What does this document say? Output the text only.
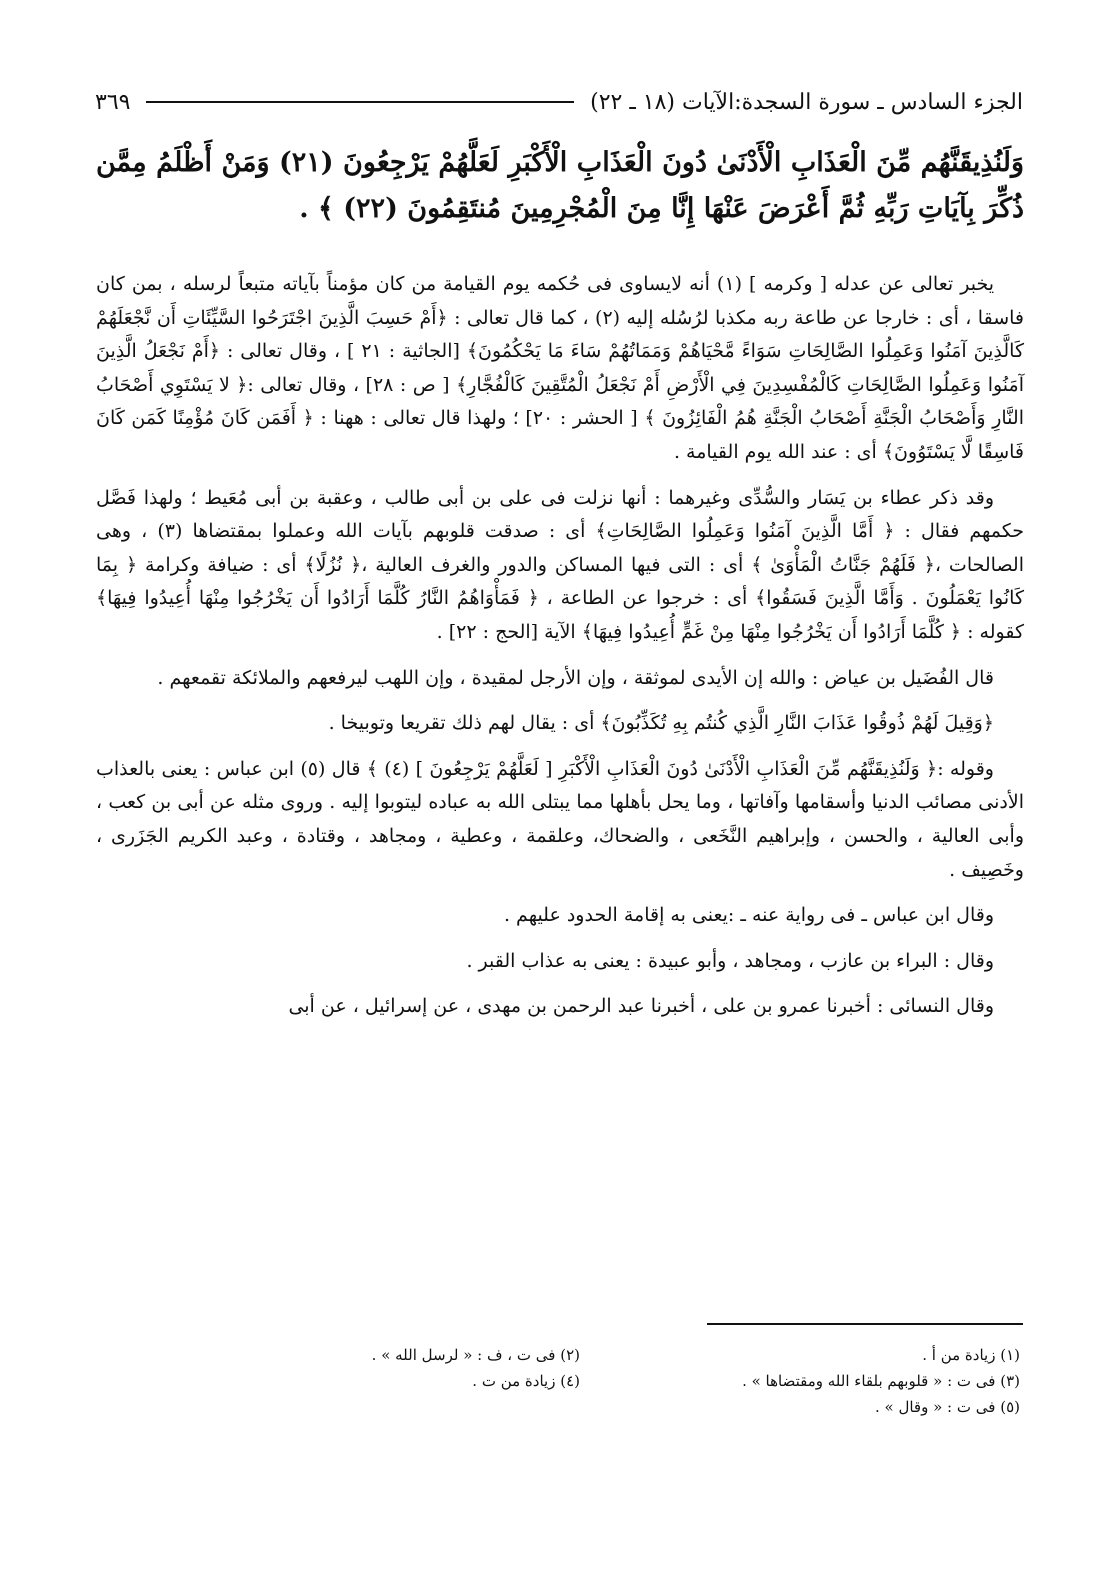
الجزء السادس ـ سورة السجدة:الآيات (١٨ ـ ٢٢)
٣٦٩
وَلَنُذِيقَنَّهُم مِّنَ الْعَذَابِ الْأَدْنَىٰ دُونَ الْعَذَابِ الْأَكْبَرِ لَعَلَّهُمْ يَرْجِعُونَ (٢١) وَمَنْ أَظْلَمُ مِمَّن ذُكِّرَ بِآيَاتِ رَبِّهِ ثُمَّ أَعْرَضَ عَنْهَا إِنَّا مِنَ الْمُجْرِمِينَ مُنتَقِمُونَ (٢٢) ﴾ .

يخبر تعالى عن عدله [ وكرمه ] (١) أنه لايساوى فى حُكمه يوم القيامة من كان مؤمناً بآياته متبعاً لرسله ، بمن كان فاسقا ، أى : خارجا عن طاعة ربه مكذبا لرُسُله إليه (٢) ، كما قال تعالى : ﴿أَمْ حَسِبَ الَّذِينَ اجْتَرَحُوا السَّيِّئَاتِ أَن نَّجْعَلَهُمْ كَالَّذِينَ آمَنُوا وَعَمِلُوا الصَّالِحَاتِ سَوَاءً مَّحْيَاهُمْ وَمَمَاتُهُمْ سَاءَ مَا يَحْكُمُونَ﴾ [الجاثية : ٢١ ] ، وقال تعالى : ﴿أَمْ نَجْعَلُ الَّذِينَ آمَنُوا وَعَمِلُوا الصَّالِحَاتِ كَالْمُفْسِدِينَ فِي الْأَرْضِ أَمْ نَجْعَلُ الْمُتَّقِينَ كَالْفُجَّارِ﴾ [ ص : ٢٨] ، وقال تعالى :﴿ لا يَسْتَوِي أَصْحَابُ النَّارِ وَأَصْحَابُ الْجَنَّةِ أَصْحَابُ الْجَنَّةِ هُمُ الْفَائِزُونَ ﴾ [ الحشر : ٢٠] ؛ ولهذا قال تعالى : ههنا : ﴿ أَفَمَن كَانَ مُؤْمِنًا كَمَن كَانَ فَاسِقًا لَّا يَسْتَوُونَ﴾ أى : عند الله يوم القيامة .

وقد ذكر عطاء بن يَسَار والسُّدِّى وغيرهما : أنها نزلت فى على بن أبى طالب ، وعقبة بن أبى مُعَيط ؛ ولهذا فَصَّل حكمهم فقال : ﴿ أَمَّا الَّذِينَ آمَنُوا وَعَمِلُوا الصَّالِحَاتِ﴾ أى : صدقت قلوبهم بآيات الله وعملوا بمقتضاها (٣) ، وهى الصالحات ،﴿ فَلَهُمْ جَنَّاتُ الْمَأْوَىٰ ﴾ أى : التى فيها المساكن والدور والغرف العالية ،﴿ نُزُلًا﴾ أى : ضيافة وكرامة ﴿ بِمَا كَانُوا يَعْمَلُونَ . وَأَمَّا الَّذِينَ فَسَقُوا﴾ أى : خرجوا عن الطاعة ، ﴿ فَمَأْوَاهُمُ النَّارُ كُلَّمَا أَرَادُوا أَن يَخْرُجُوا مِنْهَا أُعِيدُوا فِيهَا﴾ كقوله : ﴿ كُلَّمَا أَرَادُوا أَن يَخْرُجُوا مِنْهَا مِنْ غَمٍّ أُعِيدُوا فِيهَا﴾ الآية [الحج : ٢٢] .

قال الفُضَيل بن عياض : والله إن الأيدى لموثقة ، وإن الأرجل لمقيدة ، وإن اللهب ليرفعهم والملائكة تقمعهم .

﴿وَقِيلَ لَهُمْ ذُوقُوا عَذَابَ النَّارِ الَّذِي كُنتُم بِهِ تُكَذِّبُونَ﴾ أى : يقال لهم ذلك تقريعا وتوبيخا .

وقوله :﴿ وَلَنُذِيقَنَّهُم مِّنَ الْعَذَابِ الْأَدْنَىٰ دُونَ الْعَذَابِ الْأَكْبَرِ [ لَعَلَّهُمْ يَرْجِعُونَ ] (٤) ﴾ قال (٥) ابن عباس : يعنى بالعذاب الأدنى مصائب الدنيا وأسقامها وآفاتها ، وما يحل بأهلها مما يبتلى الله به عباده ليتوبوا إليه . وروى مثله عن أبى بن كعب ، وأبى العالية ، والحسن ، وإبراهيم النَّخَعى ، والضحاك، وعلقمة ، وعطية ، ومجاهد ، وقتادة ، وعبد الكريم الجَزَرى ، وخَصِيف .

وقال ابن عباس ـ فى رواية عنه ـ :يعنى به إقامة الحدود عليهم .

وقال : البراء بن عازب ، ومجاهد ، وأبو عبيدة : يعنى به عذاب القبر .

وقال النسائى : أخبرنا عمرو بن على ، أخبرنا عبد الرحمن بن مهدى ، عن إسرائيل ، عن أبى

(١) زيادة من أ .
(٢) فى ت ، ف : « لرسل الله » .
(٣) فى ت : « قلوبهم بلقاء الله ومقتضاها » .
(٤) زيادة من ت .
(٥) فى ت : « وقال » .
